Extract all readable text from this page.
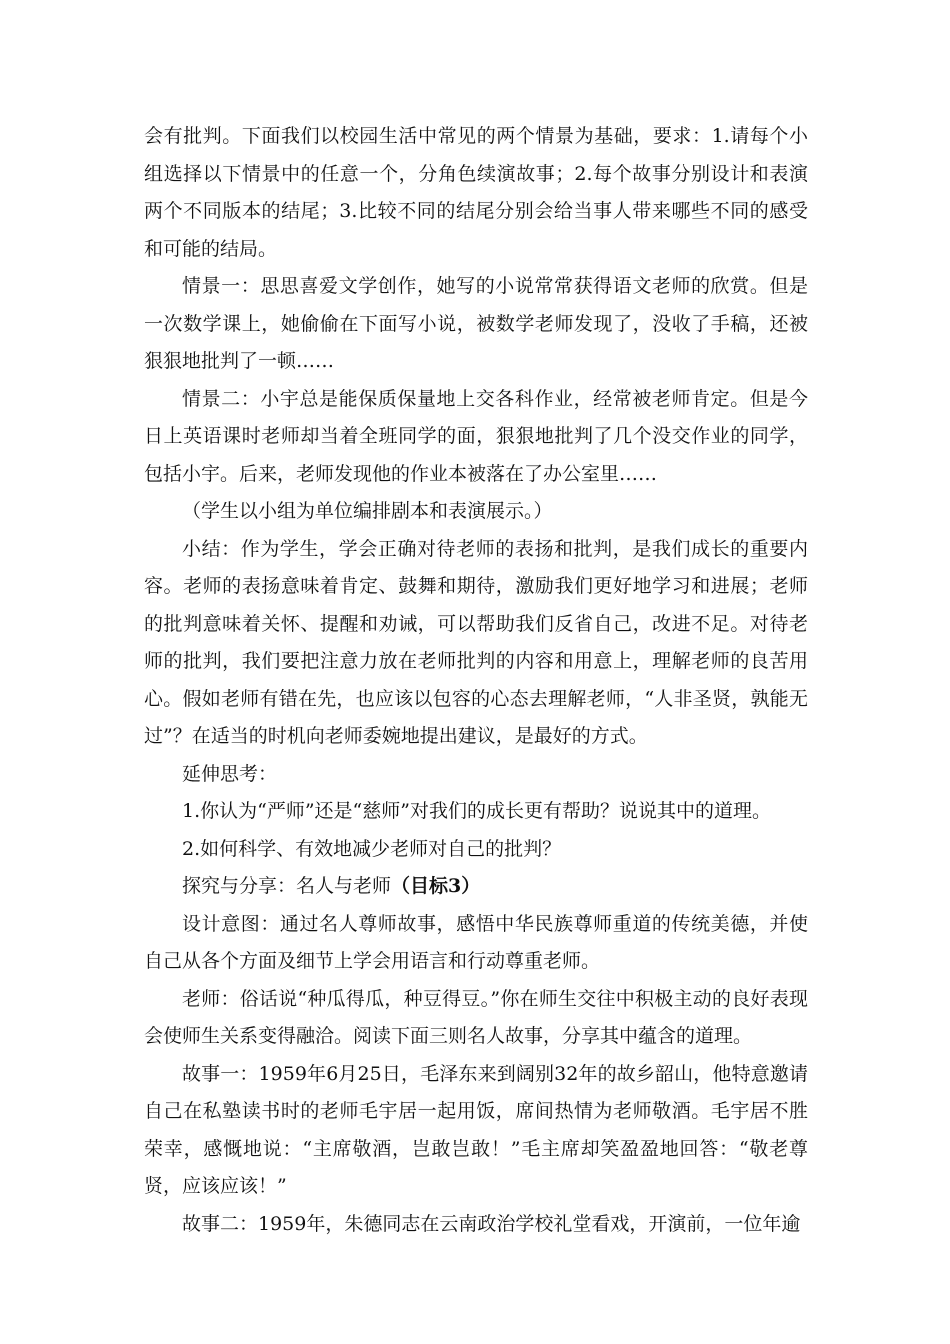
会有批判。下面我们以校园生活中常见的两个情景为基础，要求：1.请每个小组选择以下情景中的任意一个，分角色续演故事；2.每个故事分别设计和表演两个不同版本的结尾；3.比较不同的结尾分别会给当事人带来哪些不同的感受和可能的结局。

情景一：思思喜爱文学创作，她写的小说常常获得语文老师的欣赏。但是一次数学课上，她偷偷在下面写小说，被数学老师发现了，没收了手稿，还被狠狠地批判了一顿……

情景二：小宇总是能保质保量地上交各科作业，经常被老师肯定。但是今日上英语课时老师却当着全班同学的面，狠狠地批判了几个没交作业的同学，包括小宇。后来，老师发现他的作业本被落在了办公室里……

（学生以小组为单位编排剧本和表演展示。）

小结：作为学生，学会正确对待老师的表扬和批判，是我们成长的重要内容。老师的表扬意味着肯定、鼓舞和期待，激励我们更好地学习和进展；老师的批判意味着关怀、提醒和劝诫，可以帮助我们反省自己，改进不足。对待老师的批判，我们要把注意力放在老师批判的内容和用意上，理解老师的良苦用心。假如老师有错在先，也应该以包容的心态去理解老师，“人非圣贤，孰能无过”？在适当的时机向老师委婉地提出建议，是最好的方式。

延伸思考：

1.你认为“严师”还是“慈师”对我们的成长更有帮助？说说其中的道理。

2.如何科学、有效地减少老师对自己的批判？

探究与分享：名人与老师（目标3）

设计意图：通过名人尊师故事，感悟中华民族尊师重道的传统美德，并使自己从各个方面及细节上学会用语言和行动尊重老师。

老师：俗话说“种瓜得瓜，种豆得豆。”你在师生交往中积极主动的良好表现会使师生关系变得融洽。阅读下面三则名人故事，分享其中蕴含的道理。

故事一：1959年6月25日，毛泽东来到阔别32年的故乡韶山，他特意邀请自己在私塾读书时的老师毛宇居一起用饭，席间热情为老师敬酒。毛宇居不胜荣幸，感慨地说：“主席敬酒，岂敢岂敢！”毛主席却笑盈盈地回答：“敬老尊贤，应该应该！”

故事二：1959年，朱德同志在云南政治学校礼堂看戏，开演前，一位年逾
